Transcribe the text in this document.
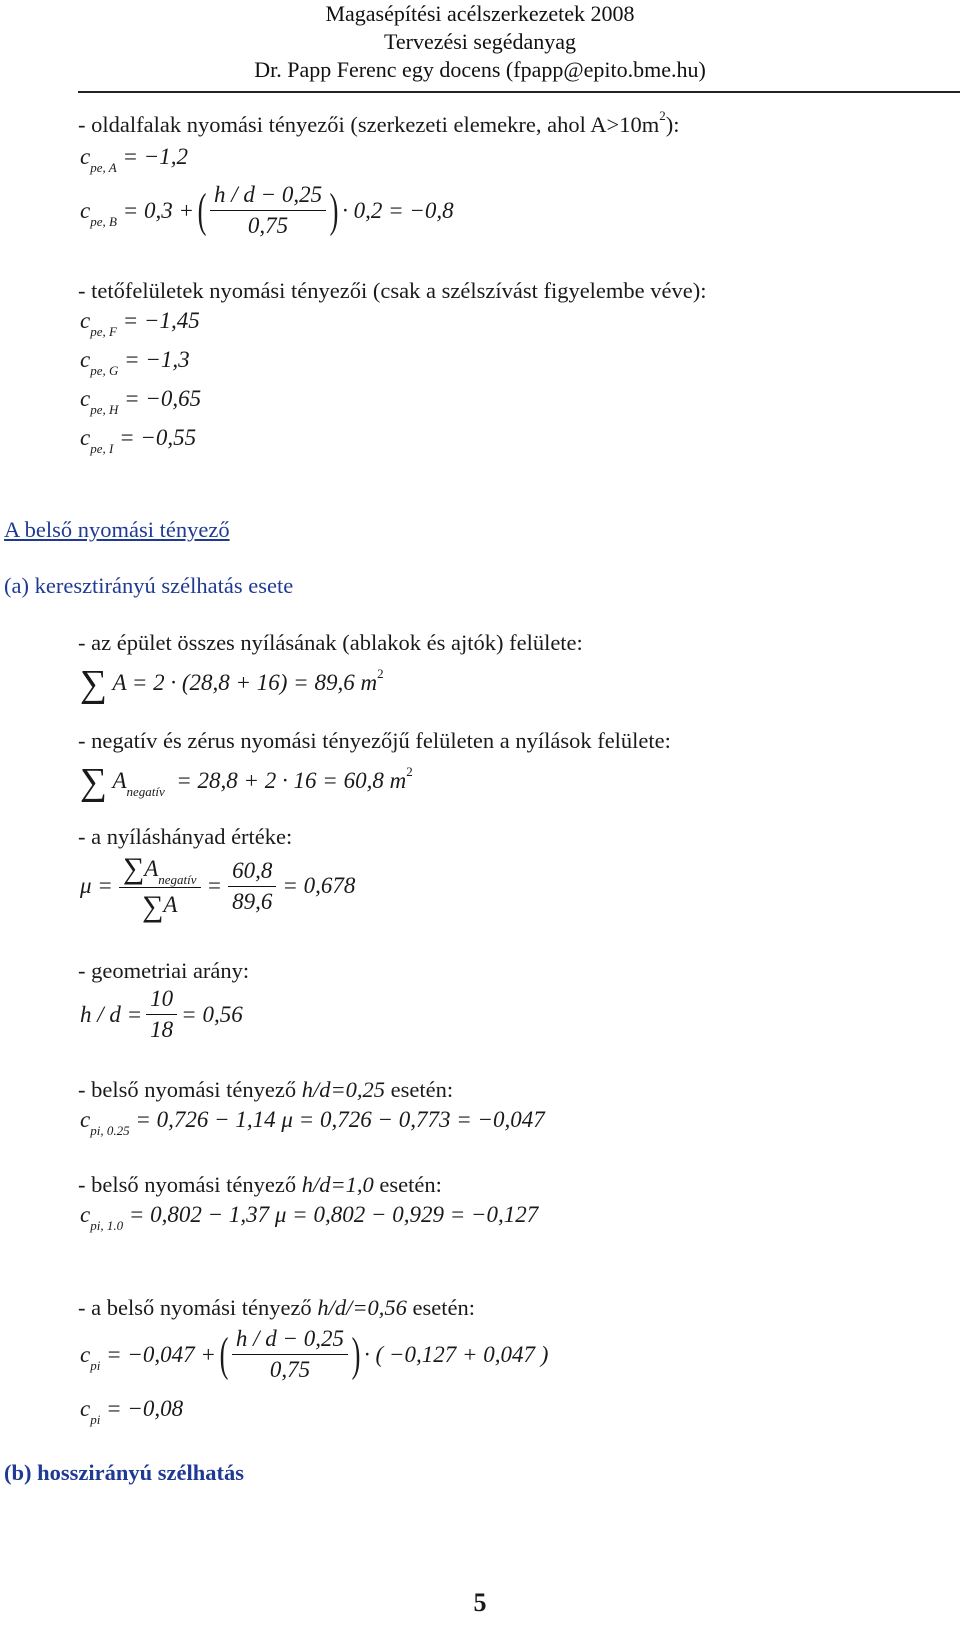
Magasépítési acélszerkezetek 2008
Tervezési segédanyag
Dr. Papp Ferenc egy docens (fpapp@epito.bme.hu)
- oldalfalak nyomási tényezői (szerkezeti elemekre, ahol $A>10m^2$):
$c_{pe, A} = -1,2$
$c_{pe, B}$
= 0,3 + ( $\frac{h / d - 0,25}{0,75}$ ) · 0,2 = −0,8
- tetőfelületek nyomási tényezői (csak a szélszívást figyelembe véve):
$c_{pe, F} = -1,45$
$c_{pe, G} = -1,3$
$c_{pe, H} = -0,65$
$c_{pe, I} = -0,55$
A belső nyomási tényező
(a) keresztirányú szélhatás esete
- az épület összes nyílásának (ablakok és ajtók) felülete:
∑ A = 2 · (28,8 + 16) = 89,6 $m^2$
- negatív és zérus nyomási tényezőjű felületen a nyílások felülete:
∑ $A_{negatív} = 28,8 + 2 \cdot 16 = 60,8$ $m^2$
- a nyíláshányad értéke:
$\mu = \frac{\sum A_{negatív}}{\sum A} = \frac{60,8}{89,6} = 0,678$
- geometriai arány:
$h / d = \frac{10}{18} = 0,56$
- belső nyomási tényező h/d=0,25 esetén:
$c_{pi, 0.25} = 0,726 - 1,14$ μ = 0,726 − 0,773 = −0,047
- belső nyomási tényező h/d=1,0 esetén:
$c_{pi, 1.0} = 0,802 - 1,37$ μ = 0,802 − 0,929 = −0,127
- a belső nyomási tényező h/d/=0,56 esetén:
$c_{pi}$
= −0,047 + ( $\frac{h / d - 0,25}{0,75}$ ) · ( −0,127 + 0,047 )
$c_{pi} = -0,08$
(b) hosszirányú szélhatás
5
